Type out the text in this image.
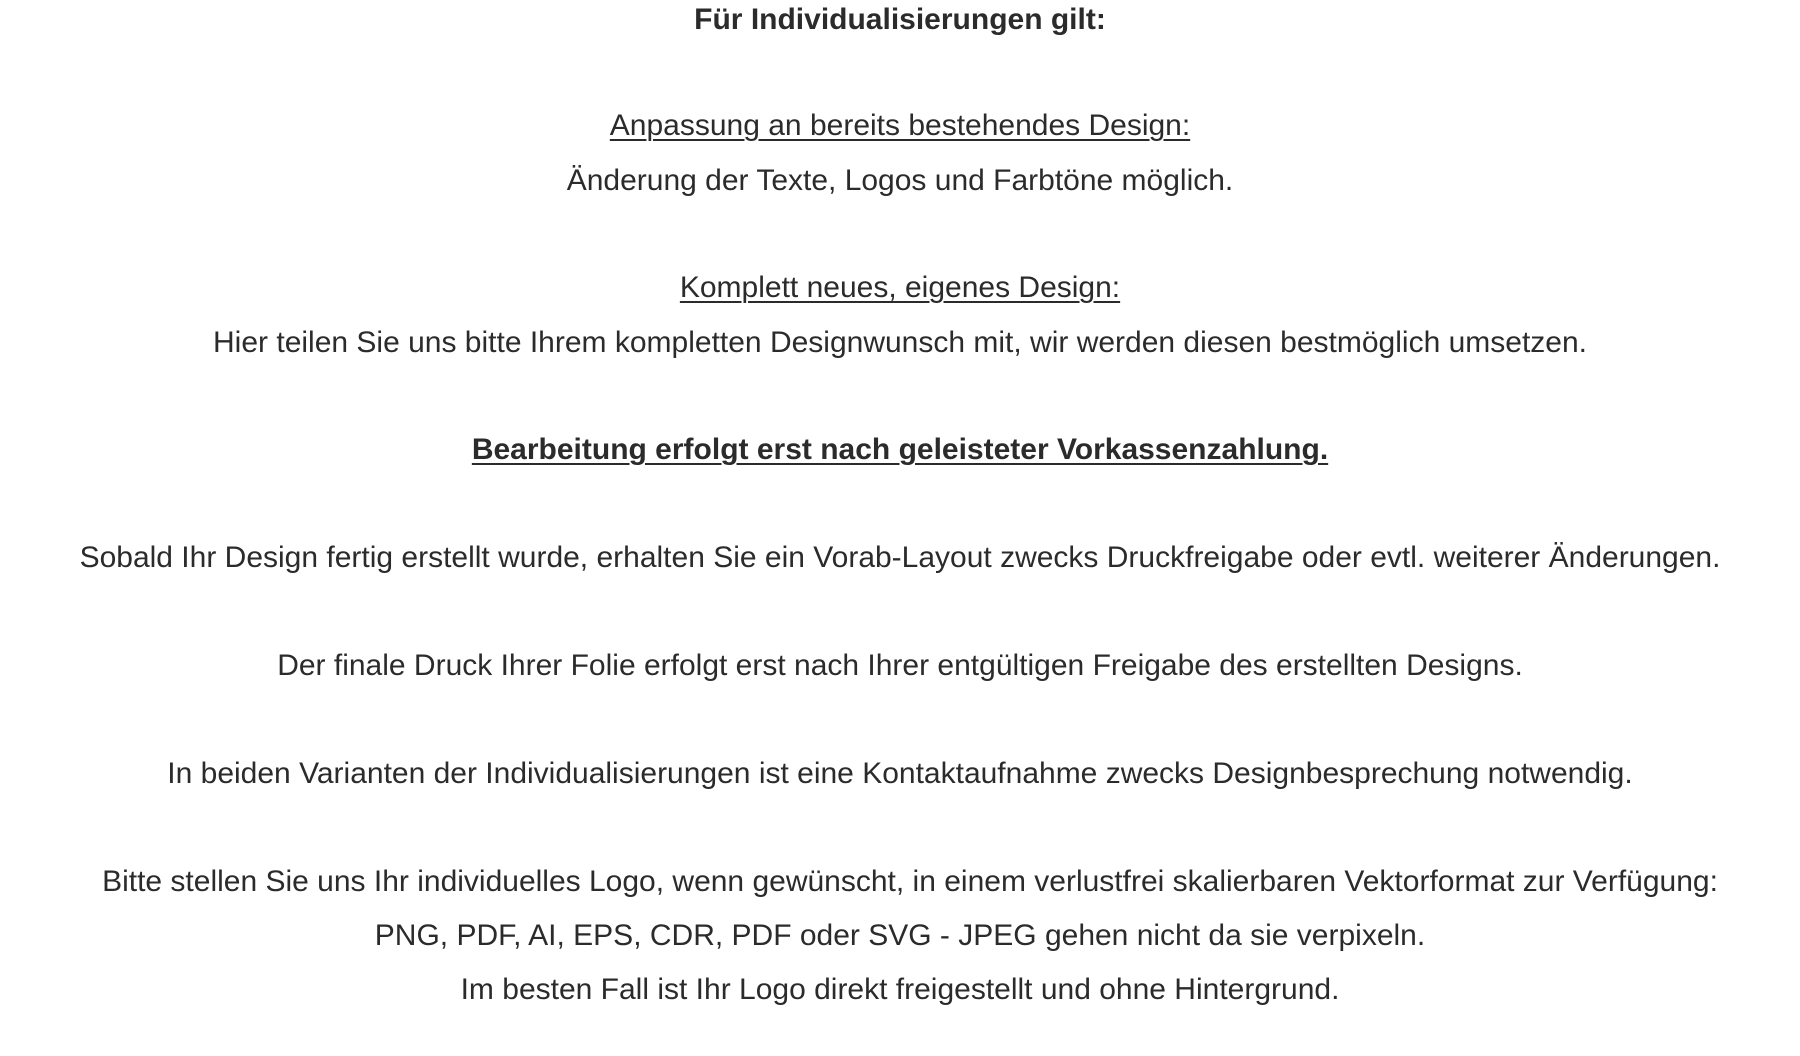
Für Individualisierungen gilt:
Anpassung an bereits bestehendes Design:
Änderung der Texte, Logos und Farbtöne möglich.
Komplett neues, eigenes Design:
Hier teilen Sie uns bitte Ihrem kompletten Designwunsch mit, wir werden diesen bestmöglich umsetzen.
Bearbeitung erfolgt erst nach geleisteter Vorkassenzahlung.
Sobald Ihr Design fertig erstellt wurde, erhalten Sie ein Vorab-Layout zwecks Druckfreigabe oder evtl. weiterer Änderungen.
Der finale Druck Ihrer Folie erfolgt erst nach Ihrer entgültigen Freigabe des erstellten Designs.
In beiden Varianten der Individualisierungen ist eine Kontaktaufnahme zwecks Designbesprechung notwendig.
Bitte stellen Sie uns Ihr individuelles Logo, wenn gewünscht, in einem verlustfrei skalierbaren Vektorformat zur Verfügung:
PNG, PDF, AI, EPS, CDR, PDF oder SVG - JPEG gehen nicht da sie verpixeln.
Im besten Fall ist Ihr Logo direkt freigestellt und ohne Hintergrund.
